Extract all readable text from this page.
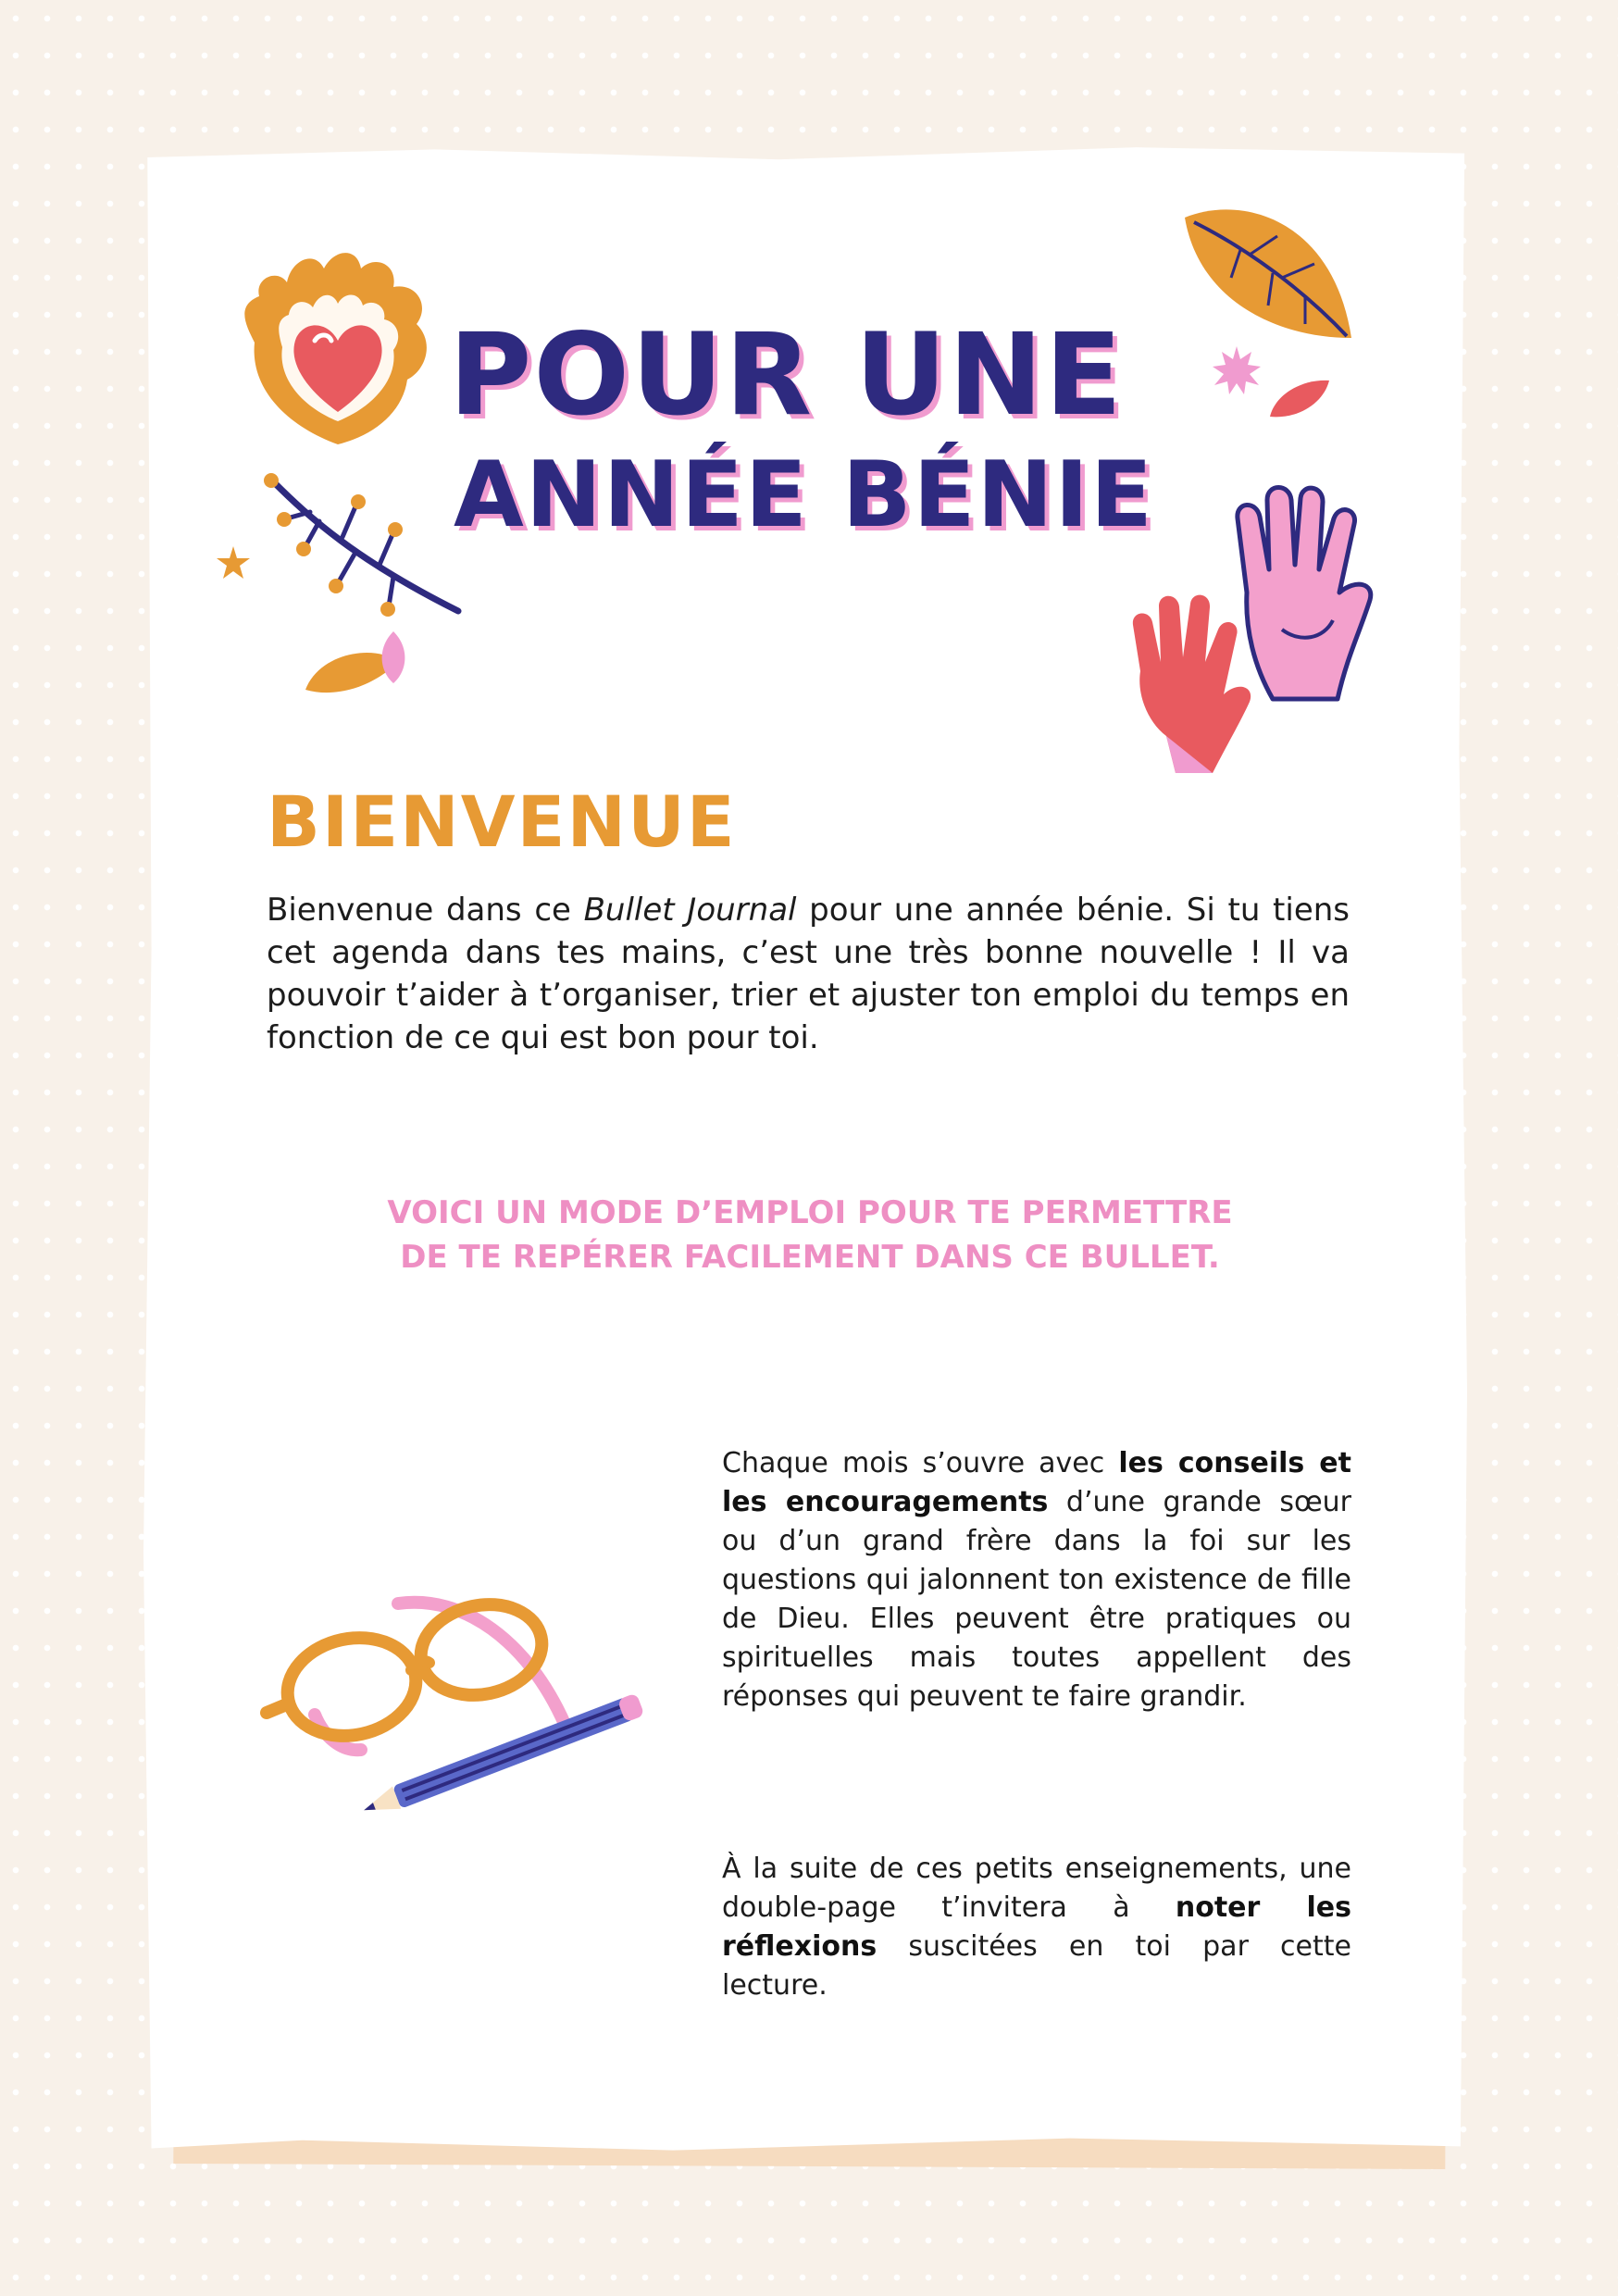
POUR UNE
ANNÉE BÉNIE
BIENVENUE

Bienvenue dans ce Bullet Journal pour une année bénie. Si tu tiens cet agenda dans tes mains, c’est une très bonne nouvelle ! Il va pouvoir t’aider à t’organiser, trier et ajuster ton emploi du temps en fonction de ce qui est bon pour toi.

VOICI UN MODE D’EMPLOI POUR TE PERMETTRE
DE TE REPÉRER FACILEMENT DANS CE BULLET.

Chaque mois s’ouvre avec les conseils et les encouragements d’une grande sœur ou d’un grand frère dans la foi sur les questions qui jalonnent ton existence de fille de Dieu. Elles peuvent être pratiques ou spirituelles mais toutes appellent des réponses qui peuvent te faire grandir.

À la suite de ces petits enseignements, une double-page t’invitera à noter les réflexions suscitées en toi par cette lecture.
